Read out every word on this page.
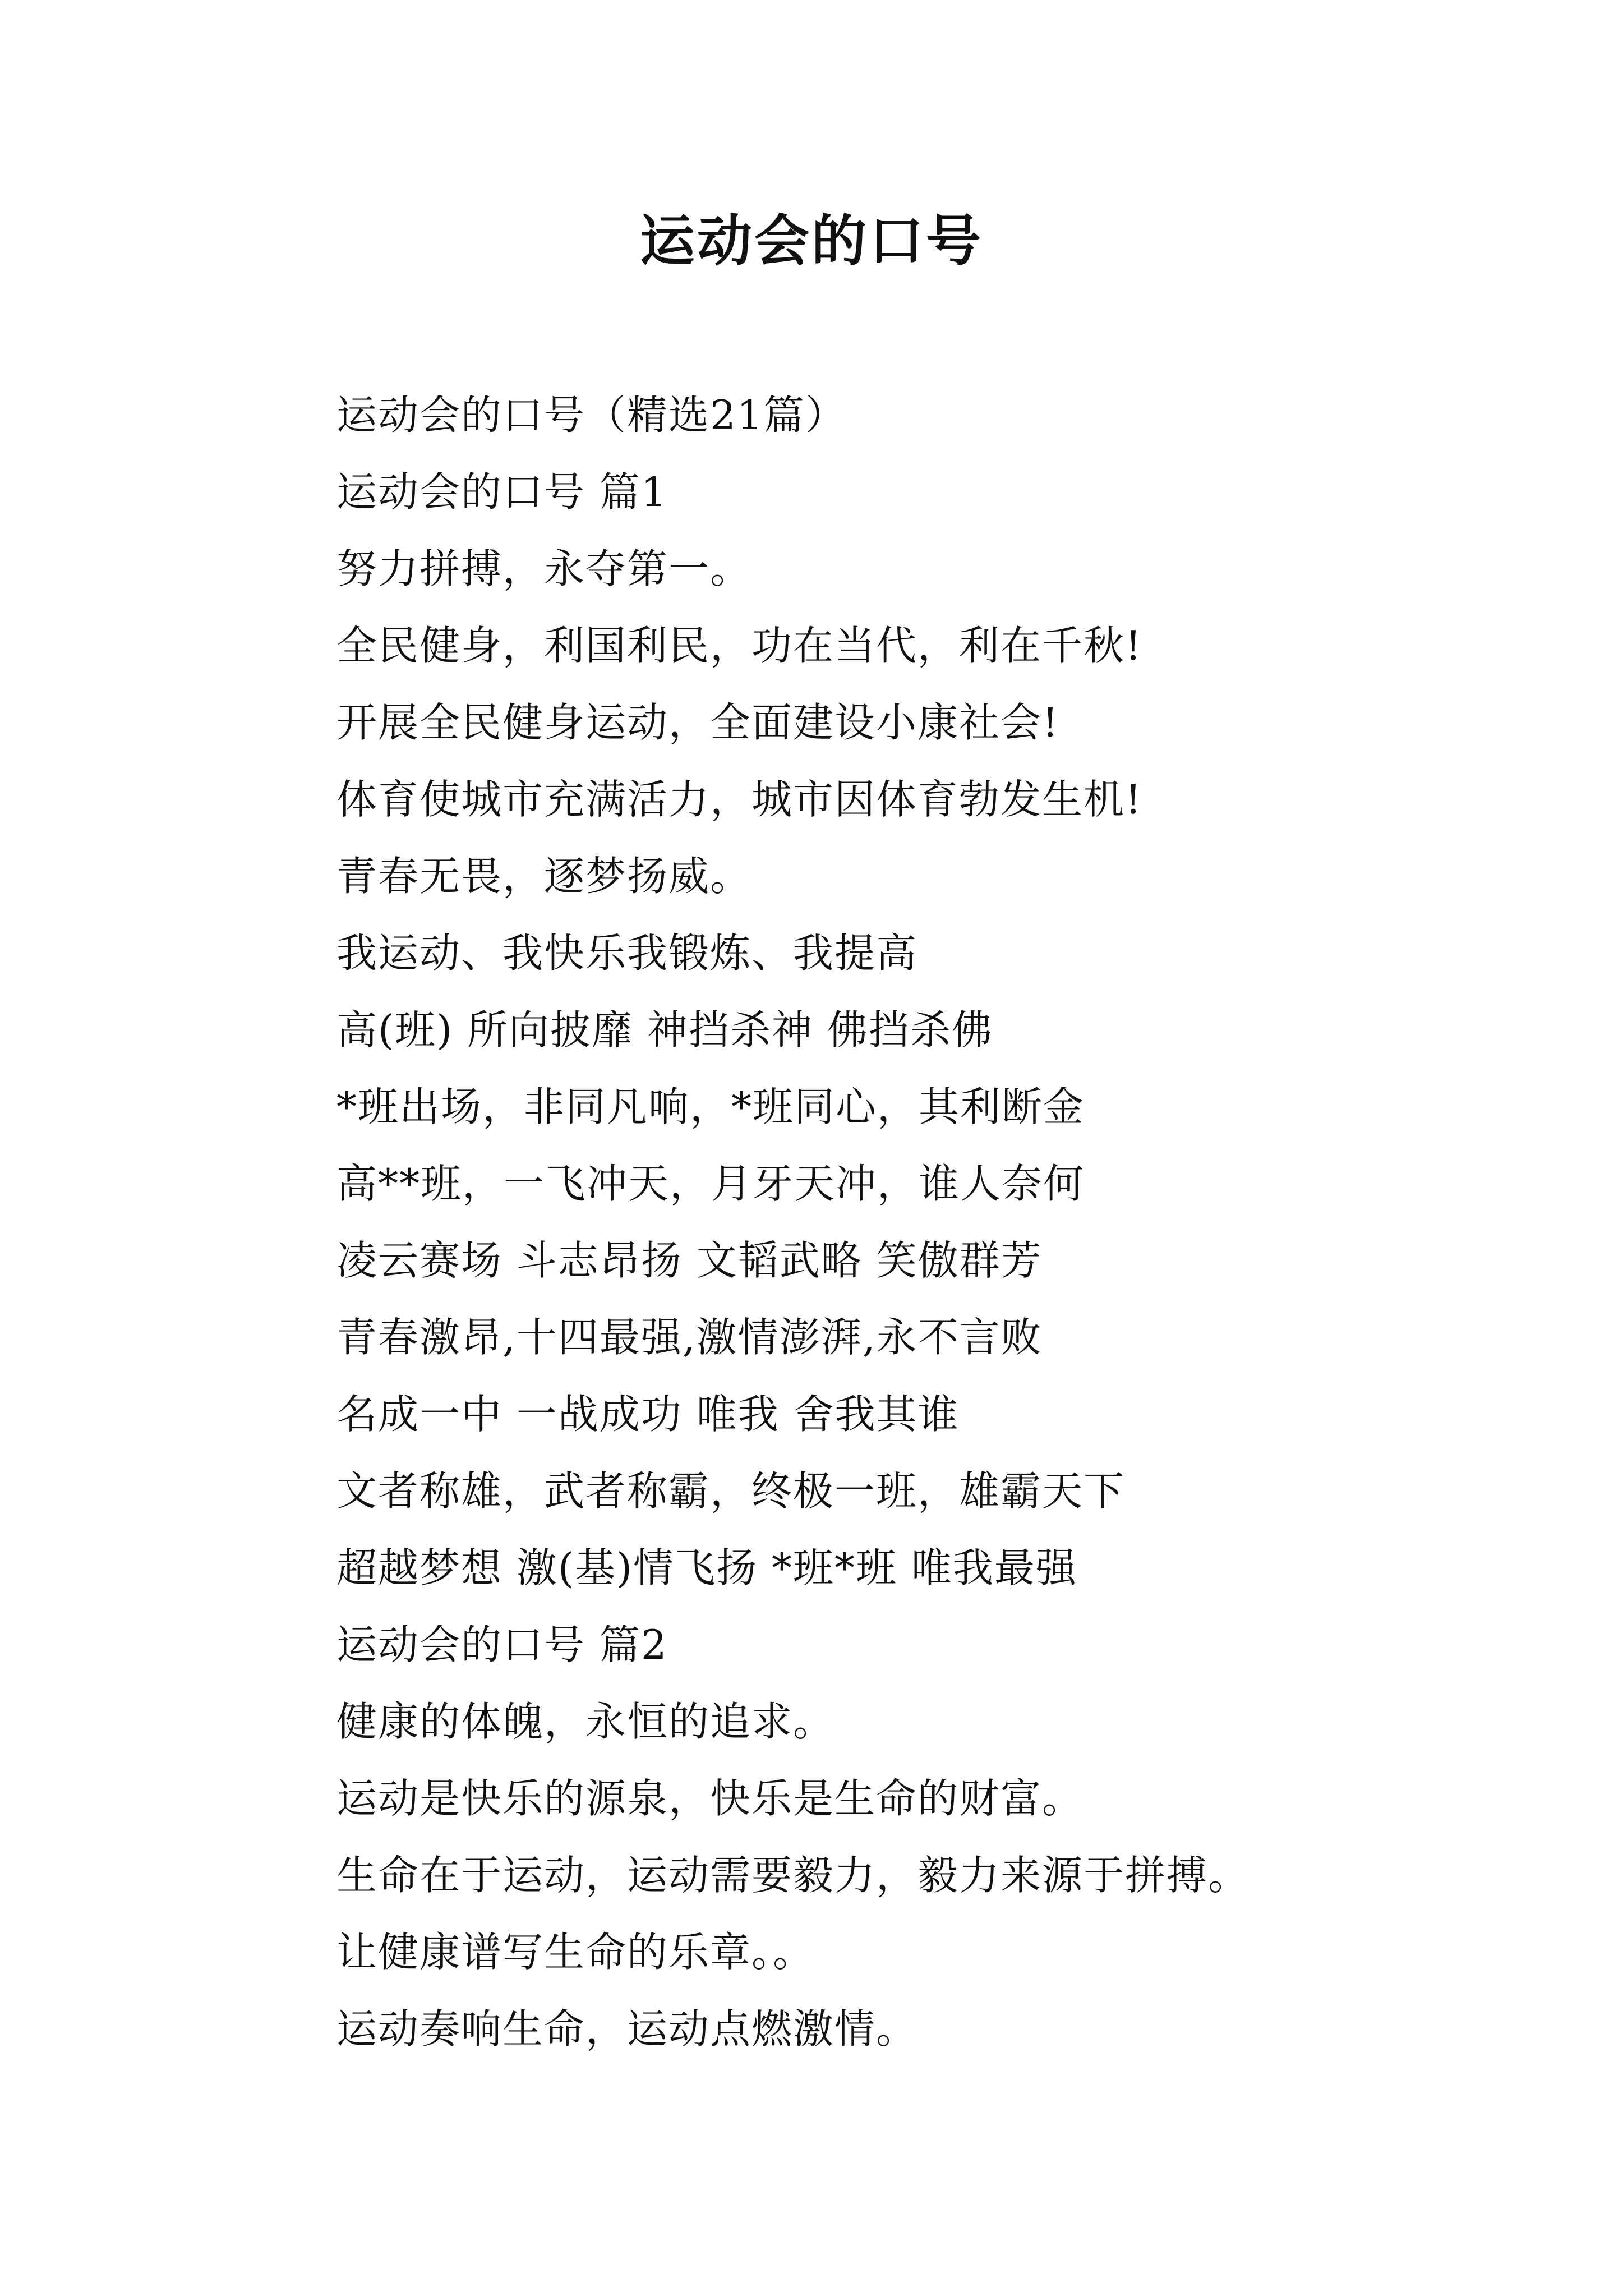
运动会的口号
运动会的口号（精选21篇）
运动会的口号 篇1
努力拼搏，永夺第一。
全民健身，利国利民，功在当代，利在千秋!
开展全民健身运动，全面建设小康社会!
体育使城市充满活力，城市因体育勃发生机!
青春无畏，逐梦扬威。
我运动、我快乐我锻炼、我提高
高(班) 所向披靡 神挡杀神 佛挡杀佛
*班出场，非同凡响，*班同心，其利断金
高**班，一飞冲天，月牙天冲，谁人奈何
凌云赛场 斗志昂扬 文韬武略 笑傲群芳
青春激昂,十四最强,激情澎湃,永不言败
名成一中 一战成功 唯我 舍我其谁
文者称雄，武者称霸，终极一班，雄霸天下
超越梦想 激(基)情飞扬 *班*班 唯我最强
运动会的口号 篇2
健康的体魄，永恒的追求。
运动是快乐的源泉，快乐是生命的财富。
生命在于运动，运动需要毅力，毅力来源于拼搏。
让健康谱写生命的乐章。。
运动奏响生命，运动点燃激情。
